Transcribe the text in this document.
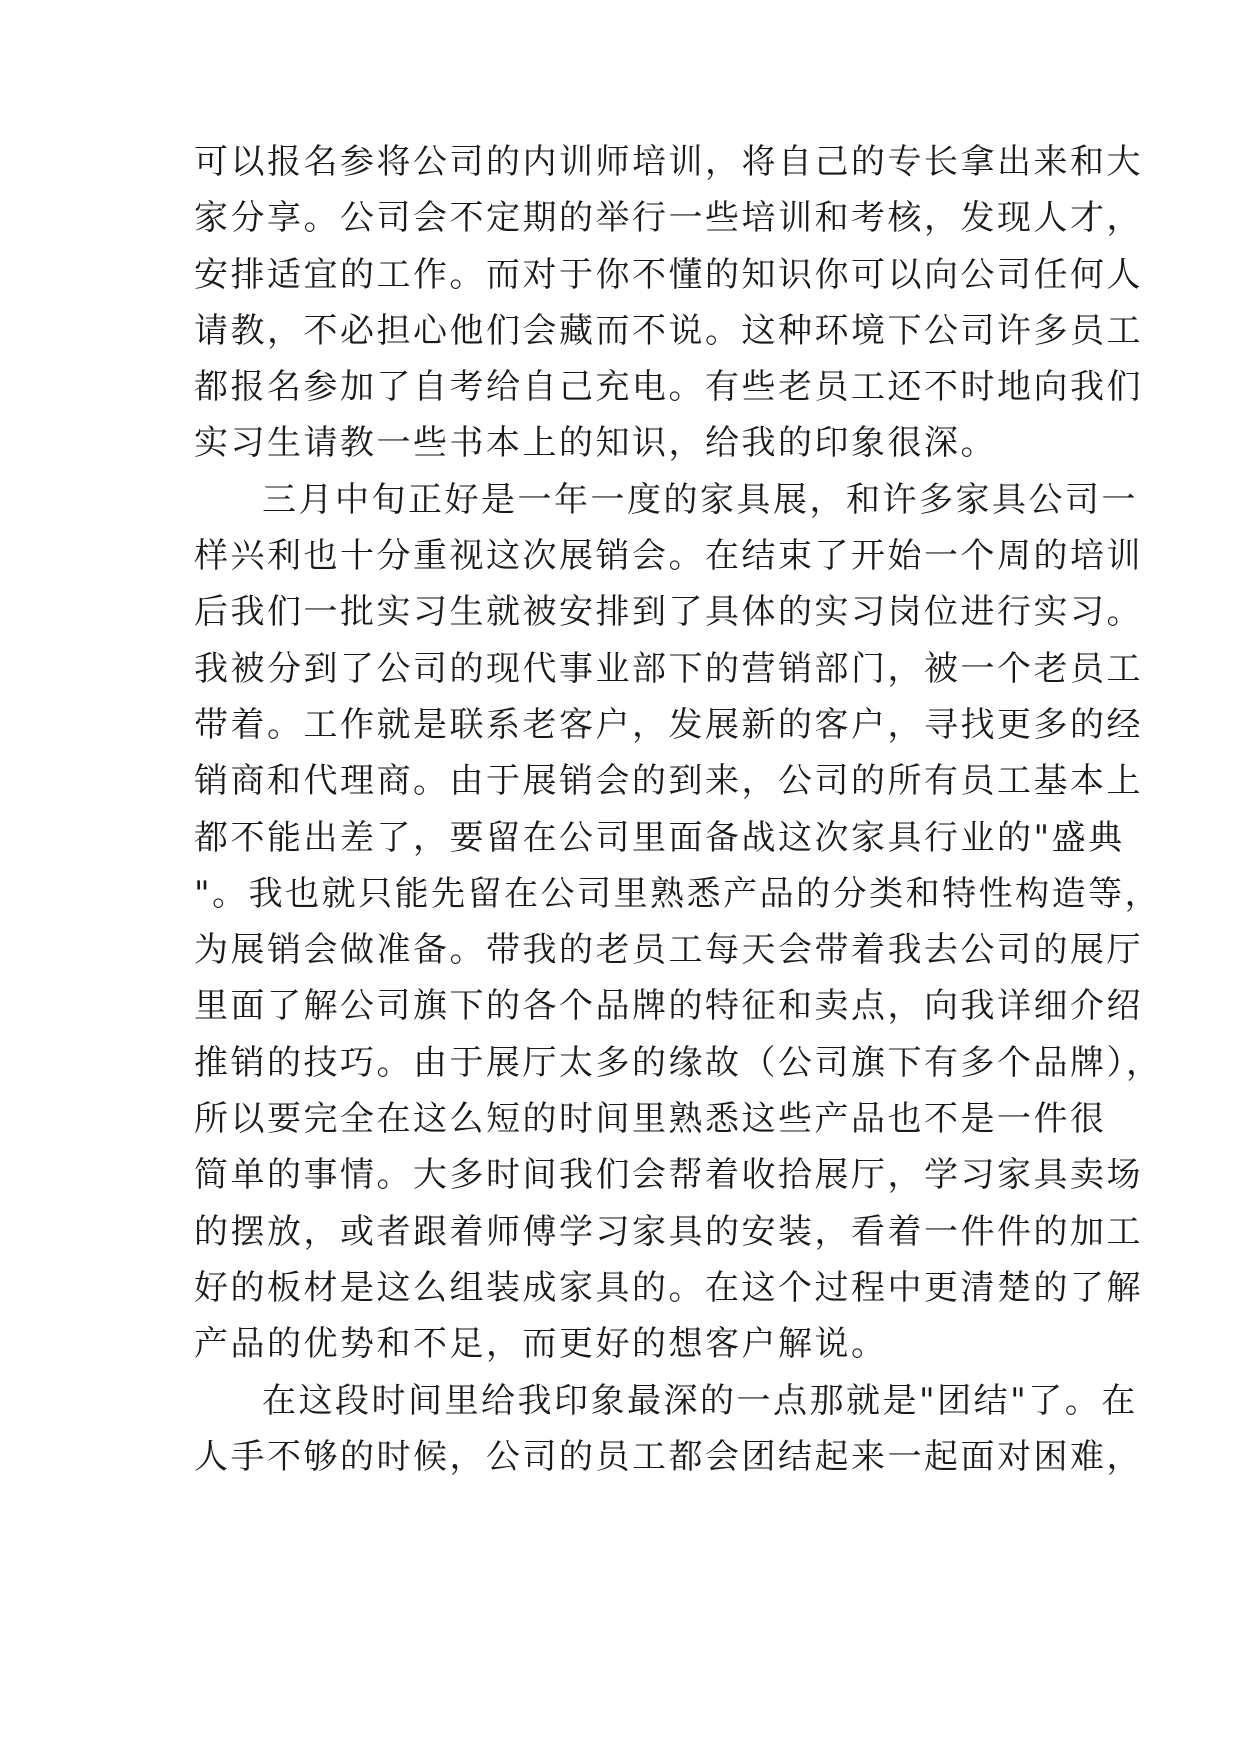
可以报名参将公司的内训师培训，将自己的专长拿出来和大
家分享。公司会不定期的举行一些培训和考核，发现人才，
安排适宜的工作。而对于你不懂的知识你可以向公司任何人
请教，不必担心他们会藏而不说。这种环境下公司许多员工
都报名参加了自考给自己充电。有些老员工还不时地向我们
实习生请教一些书本上的知识，给我的印象很深。
三月中旬正好是一年一度的家具展，和许多家具公司一
样兴利也十分重视这次展销会。在结束了开始一个周的培训
后我们一批实习生就被安排到了具体的实习岗位进行实习。
我被分到了公司的现代事业部下的营销部门，被一个老员工
带着。工作就是联系老客户，发展新的客户，寻找更多的经
销商和代理商。由于展销会的到来，公司的所有员工基本上
都不能出差了，要留在公司里面备战这次家具行业的"盛典
"。我也就只能先留在公司里熟悉产品的分类和特性构造等，
为展销会做准备。带我的老员工每天会带着我去公司的展厅
里面了解公司旗下的各个品牌的特征和卖点，向我详细介绍
推销的技巧。由于展厅太多的缘故（公司旗下有多个品牌），
所以要完全在这么短的时间里熟悉这些产品也不是一件很
简单的事情。大多时间我们会帮着收拾展厅，学习家具卖场
的摆放，或者跟着师傅学习家具的安装，看着一件件的加工
好的板材是这么组装成家具的。在这个过程中更清楚的了解
产品的优势和不足，而更好的想客户解说。
在这段时间里给我印象最深的一点那就是"团结"了。在
人手不够的时候，公司的员工都会团结起来一起面对困难，
